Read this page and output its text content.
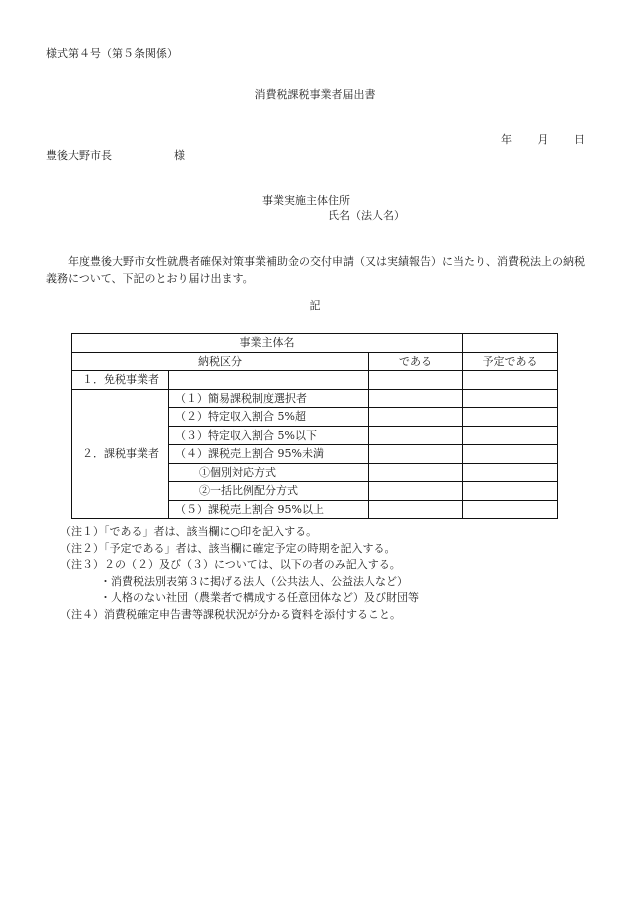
様式第４号（第５条関係）
消費税課税事業者届出書
年 月 日
豊後大野市長	様
事業実施主体住所
氏名（法人名）
年度豊後大野市女性就農者確保対策事業補助金の交付申請（又は実績報告）に当たり、消費税法上の納税義務について、下記のとおり届け出ます。
記
事業主体名			
納税区分		である	予定である
１．免税事業者			
２．課税事業者	（１）簡易課税制度選択者		
	（２）特定収入割合 5%超		
	（３）特定収入割合 5%以下		
	（４）課税売上割合 95%未満		
	①個別対応方式		
	②一括比例配分方式		
	（５）課税売上割合 95%以上		
（注１）「である」者は、該当欄に○印を記入する。
（注２）「予定である」者は、該当欄に確定予定の時期を記入する。
（注３）２の（２）及び（３）については、以下の者のみ記入する。
・消費税法別表第３に掲げる法人（公共法人、公益法人など）
・人格のない社団（農業者で構成する任意団体など）及び財団等
（注４）消費税確定申告書等課税状況が分かる資料を添付すること。
